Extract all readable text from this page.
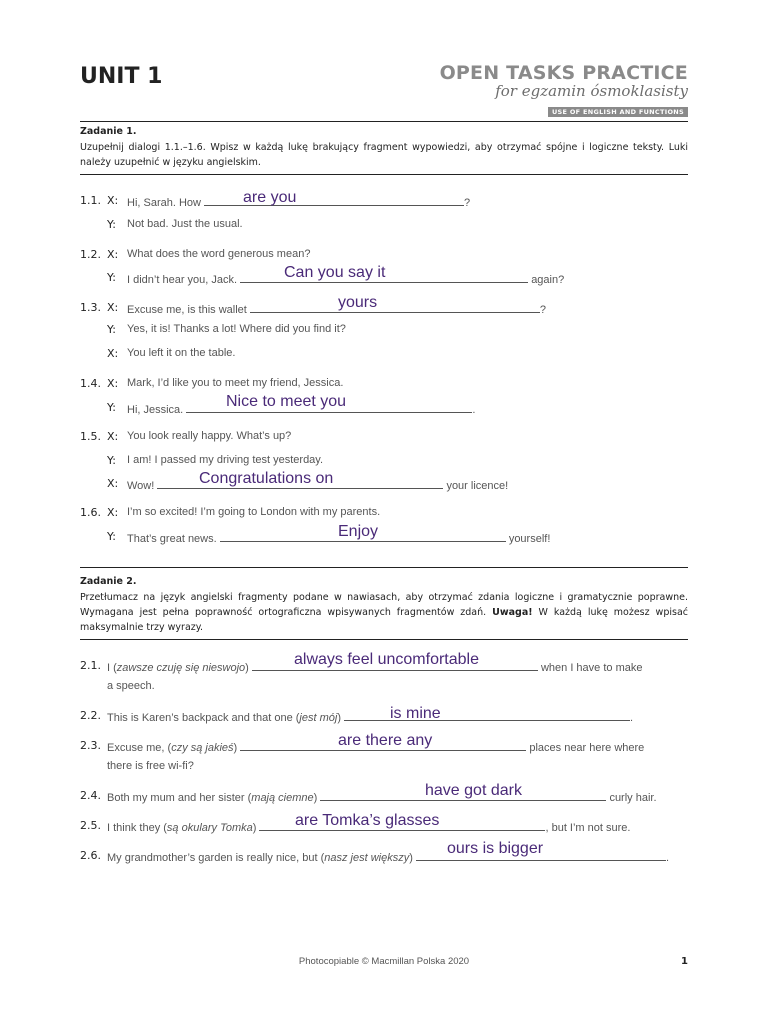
UNIT 1	OPEN TASKS PRACTICE
for egzamin ósmoklasisty
USE OF ENGLISH AND FUNCTIONS
Zadanie 1.
Uzupełnij dialogi 1.1.–1.6. Wpisz w każdą lukę brakujący fragment wypowiedzi, aby otrzymać spójne i logiczne teksty. Luki należy uzupełnić w języku angielskim.
1.1. X: Hi, Sarah. How	?
are you
Y: Not bad. Just the usual.
1.2. X: What does the word generous mean?
Y: I didn’t hear you, Jack.	again?
Can you say it
1.3. X: Excuse me, is this wallet	?
yours
Y: Yes, it is! Thanks a lot! Where did you find it?
X: You left it on the table.
1.4. X: Mark, I’d like you to meet my friend, Jessica.
Y: Hi, Jessica.	.
Nice to meet you
1.5. X: You look really happy. What’s up?
Y: I am! I passed my driving test yesterday.
X: Wow!	your licence!
Congratulations on
1.6. X: I’m so excited! I’m going to London with my parents.
Y: That’s great news.	yourself!
Enjoy
Zadanie 2.
Przetłumacz na język angielski fragmenty podane w nawiasach, aby otrzymać zdania logiczne i gramatycznie poprawne. Wymagana jest pełna poprawność ortograficzna wpisywanych fragmentów zdań. Uwaga! W każdą lukę możesz wpisać maksymalnie trzy wyrazy.
2.1. I (zawsze czuję się nieswojo)	when I have to make
a speech.
always feel uncomfortable
2.2. This is Karen’s backpack and that one (jest mój)	.
is mine
2.3. Excuse me, (czy są jakieś)	places near here where
there is free wi-fi?
are there any
2.4. Both my mum and her sister (mają ciemne)	curly hair.
have got dark
2.5. I think they (są okulary Tomka)	, but I’m not sure.
are Tomka’s glasses
2.6. My grandmother’s garden is really nice, but (nasz jest większy)	.
ours is bigger
Photocopiable © Macmillan Polska 2020	1
